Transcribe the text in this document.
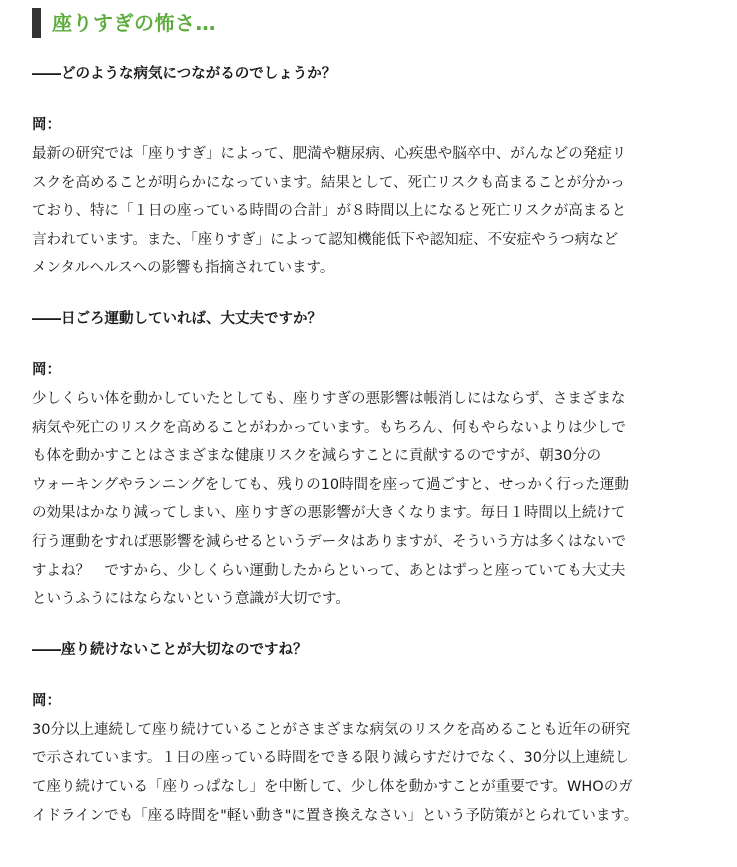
座りすぎの怖さ…
――どのような病気につながるのでしょうか？
岡：
最新の研究では「座りすぎ」によって、肥満や糖尿病、心疾患や脳卒中、がんなどの発症リ
スクを高めることが明らかになっています。結果として、死亡リスクも高まることが分かっ
ており、特に「１日の座っている時間の合計」が８時間以上になると死亡リスクが高まると
言われています。また、「座りすぎ」によって認知機能低下や認知症、不安症やうつ病など
メンタルヘルスへの影響も指摘されています。
――日ごろ運動していれば、大丈夫ですか？
岡：
少しくらい体を動かしていたとしても、座りすぎの悪影響は帳消しにはならず、さまざまな
病気や死亡のリスクを高めることがわかっています。もちろん、何もやらないよりは少しで
も体を動かすことはさまざまな健康リスクを減らすことに貢献するのですが、朝30分の
ウォーキングやランニングをしても、残りの10時間を座って過ごすと、せっかく行った運動
の効果はかなり減ってしまい、座りすぎの悪影響が大きくなります。毎日１時間以上続けて
行う運動をすれば悪影響を減らせるというデータはありますが、そういう方は多くはないで
すよね？　ですから、少しくらい運動したからといって、あとはずっと座っていても大丈夫
というふうにはならないという意識が大切です。
――座り続けないことが大切なのですね？
岡：
30分以上連続して座り続けていることがさまざまな病気のリスクを高めることも近年の研究
で示されています。１日の座っている時間をできる限り減らすだけでなく、30分以上連続し
て座り続けている「座りっぱなし」を中断して、少し体を動かすことが重要です。WHOのガ
イドラインでも「座る時間を"軽い動き"に置き換えなさい」という予防策がとられています。
